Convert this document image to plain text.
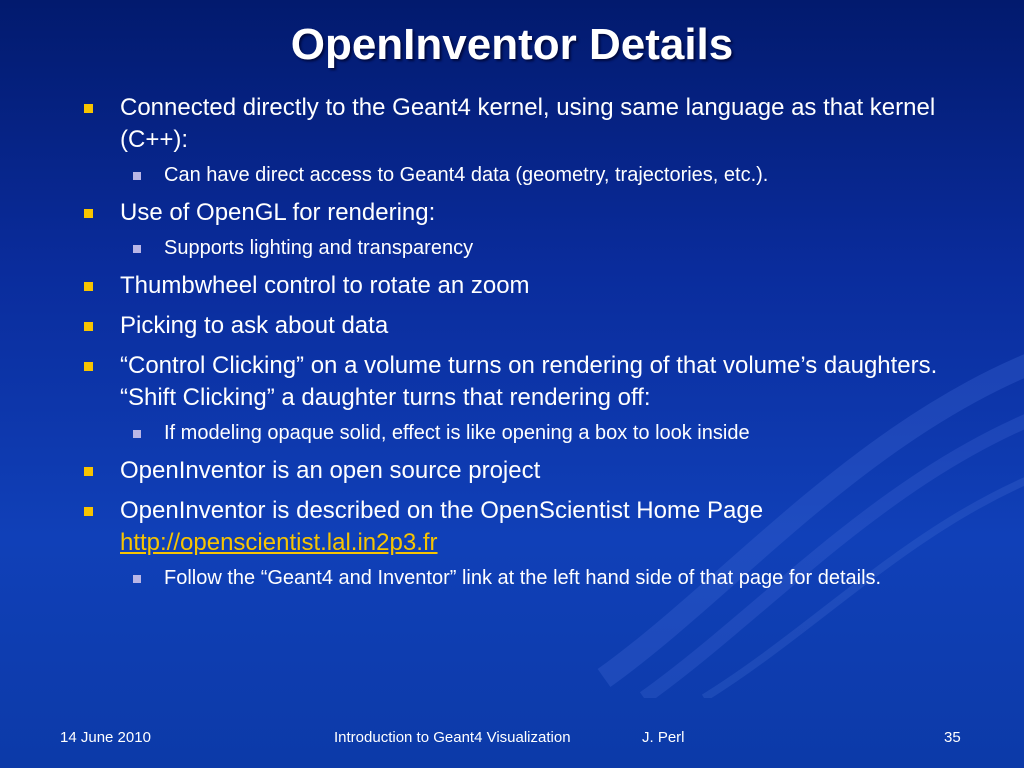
OpenInventor Details
Connected directly to the Geant4 kernel, using same language as that kernel (C++):
Can have direct access to Geant4 data (geometry, trajectories, etc.).
Use of OpenGL for rendering:
Supports lighting and transparency
Thumbwheel control to rotate an zoom
Picking to ask about data
“Control Clicking” on a volume turns on rendering of that volume’s daughters. “Shift Clicking” a daughter turns that rendering off:
If modeling opaque solid, effect is like opening a box to look inside
OpenInventor is an open source project
OpenInventor is described on the OpenScientist Home Page
http://openscientist.lal.in2p3.fr
Follow the “Geant4 and Inventor” link at the left hand side of that page for details.
14 June 2010	Introduction to Geant4 Visualization	J. Perl	35
